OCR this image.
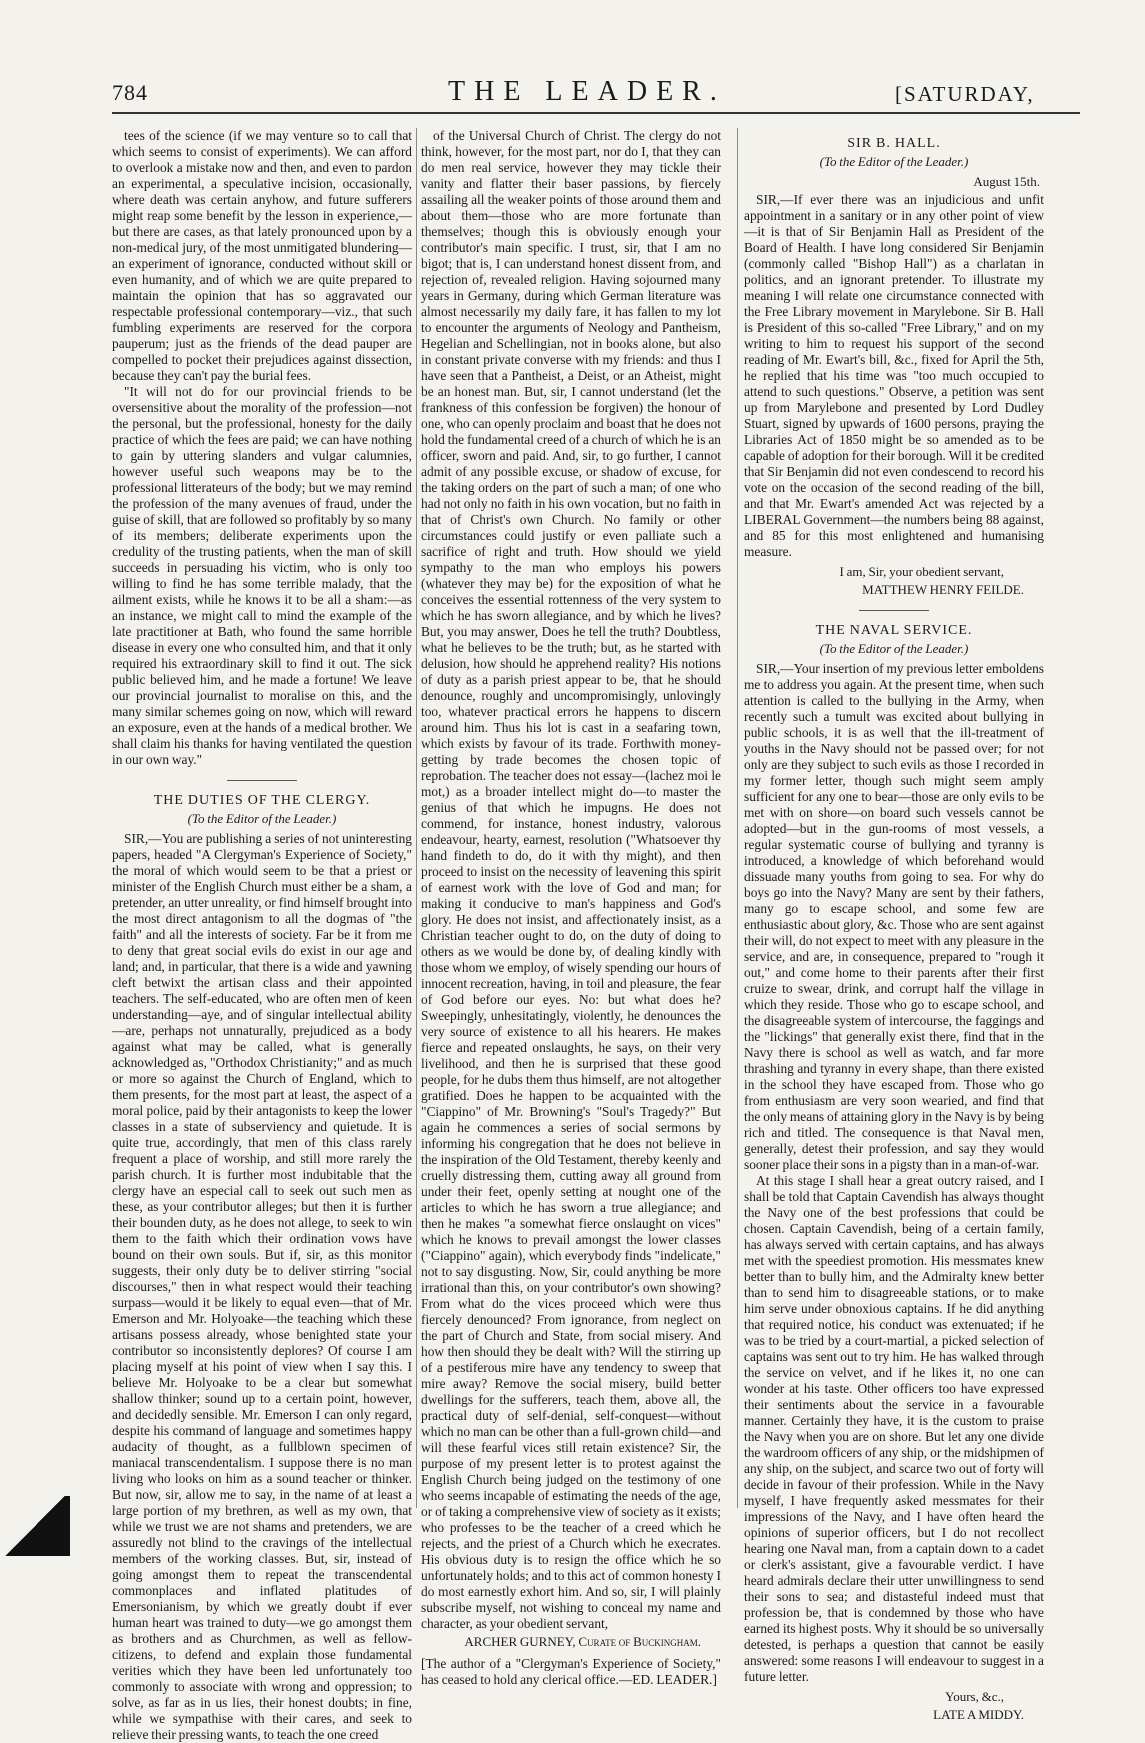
784	THE LEADER.	[SATURDAY,

tees of the science (if we may venture so to call that which seems to consist of experiments). We can afford to overlook a mistake now and then, and even to pardon an experimental, a speculative incision, occasionally, where death was certain anyhow, and future sufferers might reap some benefit by the lesson in experience,—but there are cases, as that lately pronounced upon by a non-medical jury, of the most unmitigated blundering—an experiment of ignorance, conducted without skill or even humanity, and of which we are quite prepared to maintain the opinion that has so aggravated our respectable professional contemporary—viz., that such fumbling experiments are reserved for the corpora pauperum; just as the friends of the dead pauper are compelled to pocket their prejudices against dissection, because they can't pay the burial fees.

"It will not do for our provincial friends to be oversensitive about the morality of the profession—not the personal, but the professional, honesty for the daily practice of which the fees are paid; we can have nothing to gain by uttering slanders and vulgar calumnies, however useful such weapons may be to the professional litterateurs of the body; but we may remind the profession of the many avenues of fraud, under the guise of skill, that are followed so profitably by so many of its members; deliberate experiments upon the credulity of the trusting patients, when the man of skill succeeds in persuading his victim, who is only too willing to find he has some terrible malady, that the ailment exists, while he knows it to be all a sham:—as an instance, we might call to mind the example of the late practitioner at Bath, who found the same horrible disease in every one who consulted him, and that it only required his extraordinary skill to find it out. The sick public believed him, and he made a fortune! We leave our provincial journalist to moralise on this, and the many similar schemes going on now, which will reward an exposure, even at the hands of a medical brother. We shall claim his thanks for having ventilated the question in our own way."

THE DUTIES OF THE CLERGY.
(To the Editor of the Leader.)

SIR,—You are publishing a series of not uninteresting papers, headed "A Clergyman's Experience of Society," the moral of which would seem to be that a priest or minister of the English Church must either be a sham, a pretender, an utter unreality, or find himself brought into the most direct antagonism to all the dogmas of "the faith" and all the interests of society. Far be it from me to deny that great social evils do exist in our age and land; and, in particular, that there is a wide and yawning cleft betwixt the artisan class and their appointed teachers. The self-educated, who are often men of keen understanding—aye, and of singular intellectual ability—are, perhaps not unnaturally, prejudiced as a body against what may be called, what is generally acknowledged as, "Orthodox Christianity;" and as much or more so against the Church of England, which to them presents, for the most part at least, the aspect of a moral police, paid by their antagonists to keep the lower classes in a state of subserviency and quietude. It is quite true, accordingly, that men of this class rarely frequent a place of worship, and still more rarely the parish church. It is further most indubitable that the clergy have an especial call to seek out such men as these, as your contributor alleges; but then it is further their bounden duty, as he does not allege, to seek to win them to the faith which their ordination vows have bound on their own souls. But if, sir, as this monitor suggests, their only duty be to deliver stirring "social discourses," then in what respect would their teaching surpass—would it be likely to equal even—that of Mr. Emerson and Mr. Holyoake—the teaching which these artisans possess already, whose benighted state your contributor so inconsistently deplores? Of course I am placing myself at his point of view when I say this. I believe Mr. Holyoake to be a clear but somewhat shallow thinker; sound up to a certain point, however, and decidedly sensible. Mr. Emerson I can only regard, despite his command of language and sometimes happy audacity of thought, as a fullblown specimen of maniacal transcendentalism. I suppose there is no man living who looks on him as a sound teacher or thinker. But now, sir, allow me to say, in the name of at least a large portion of my brethren, as well as my own, that while we trust we are not shams and pretenders, we are assuredly not blind to the cravings of the intellectual members of the working classes. But, sir, instead of going amongst them to repeat the transcendental commonplaces and inflated platitudes of Emersonianism, by which we greatly doubt if ever human heart was trained to duty—we go amongst them as brothers and as Churchmen, as well as fellow-citizens, to defend and explain those fundamental verities which they have been led unfortunately too commonly to associate with wrong and oppression; to solve, as far as in us lies, their honest doubts; in fine, while we sympathise with their cares, and seek to relieve their pressing wants, to teach the one creed

of the Universal Church of Christ. The clergy do not think, however, for the most part, nor do I, that they can do men real service, however they may tickle their vanity and flatter their baser passions, by fiercely assailing all the weaker points of those around them and about them—those who are more fortunate than themselves; though this is obviously enough your contributor's main specific. I trust, sir, that I am no bigot; that is, I can understand honest dissent from, and rejection of, revealed religion. Having sojourned many years in Germany, during which German literature was almost necessarily my daily fare, it has fallen to my lot to encounter the arguments of Neology and Pantheism, Hegelian and Schellingian, not in books alone, but also in constant private converse with my friends: and thus I have seen that a Pantheist, a Deist, or an Atheist, might be an honest man. But, sir, I cannot understand (let the frankness of this confession be forgiven) the honour of one, who can openly proclaim and boast that he does not hold the fundamental creed of a church of which he is an officer, sworn and paid. And, sir, to go further, I cannot admit of any possible excuse, or shadow of excuse, for the taking orders on the part of such a man; of one who had not only no faith in his own vocation, but no faith in that of Christ's own Church. No family or other circumstances could justify or even palliate such a sacrifice of right and truth. How should we yield sympathy to the man who employs his powers (whatever they may be) for the exposition of what he conceives the essential rottenness of the very system to which he has sworn allegiance, and by which he lives? But, you may answer, Does he tell the truth? Doubtless, what he believes to be the truth; but, as he started with delusion, how should he apprehend reality? His notions of duty as a parish priest appear to be, that he should denounce, roughly and uncompromisingly, unlovingly too, whatever practical errors he happens to discern around him. Thus his lot is cast in a seafaring town, which exists by favour of its trade. Forthwith money-getting by trade becomes the chosen topic of reprobation. The teacher does not essay—(lachez moi le mot,) as a broader intellect might do—to master the genius of that which he impugns. He does not commend, for instance, honest industry, valorous endeavour, hearty, earnest, resolution ("Whatsoever thy hand findeth to do, do it with thy might), and then proceed to insist on the necessity of leavening this spirit of earnest work with the love of God and man; for making it conducive to man's happiness and God's glory. He does not insist, and affectionately insist, as a Christian teacher ought to do, on the duty of doing to others as we would be done by, of dealing kindly with those whom we employ, of wisely spending our hours of innocent recreation, having, in toil and pleasure, the fear of God before our eyes. No: but what does he? Sweepingly, unhesitatingly, violently, he denounces the very source of existence to all his hearers. He makes fierce and repeated onslaughts, he says, on their very livelihood, and then he is surprised that these good people, for he dubs them thus himself, are not altogether gratified. Does he happen to be acquainted with the "Ciappino" of Mr. Browning's "Soul's Tragedy?" But again he commences a series of social sermons by informing his congregation that he does not believe in the inspiration of the Old Testament, thereby keenly and cruelly distressing them, cutting away all ground from under their feet, openly setting at nought one of the articles to which he has sworn a true allegiance; and then he makes "a somewhat fierce onslaught on vices" which he knows to prevail amongst the lower classes ("Ciappino" again), which everybody finds "indelicate," not to say disgusting. Now, Sir, could anything be more irrational than this, on your contributor's own showing? From what do the vices proceed which were thus fiercely denounced? From ignorance, from neglect on the part of Church and State, from social misery. And how then should they be dealt with? Will the stirring up of a pestiferous mire have any tendency to sweep that mire away? Remove the social misery, build better dwellings for the sufferers, teach them, above all, the practical duty of self-denial, self-conquest—without which no man can be other than a full-grown child—and will these fearful vices still retain existence? Sir, the purpose of my present letter is to protest against the English Church being judged on the testimony of one who seems incapable of estimating the needs of the age, or of taking a comprehensive view of society as it exists; who professes to be the teacher of a creed which he rejects, and the priest of a Church which he execrates. His obvious duty is to resign the office which he so unfortunately holds; and to this act of common honesty I do most earnestly exhort him. And so, sir, I will plainly subscribe myself, not wishing to conceal my name and character, as your obedient servant,

ARCHER GURNEY, Curate of Buckingham.

[The author of a "Clergyman's Experience of Society," has ceased to hold any clerical office.—ED. LEADER.]

SIR B. HALL.
(To the Editor of the Leader.)
August 15th.

SIR,—If ever there was an injudicious and unfit appointment in a sanitary or in any other point of view—it is that of Sir Benjamin Hall as President of the Board of Health. I have long considered Sir Benjamin (commonly called "Bishop Hall") as a charlatan in politics, and an ignorant pretender. To illustrate my meaning I will relate one circumstance connected with the Free Library movement in Marylebone. Sir B. Hall is President of this so-called "Free Library," and on my writing to him to request his support of the second reading of Mr. Ewart's bill, &c., fixed for April the 5th, he replied that his time was "too much occupied to attend to such questions." Observe, a petition was sent up from Marylebone and presented by Lord Dudley Stuart, signed by upwards of 1600 persons, praying the Libraries Act of 1850 might be so amended as to be capable of adoption for their borough. Will it be credited that Sir Benjamin did not even condescend to record his vote on the occasion of the second reading of the bill, and that Mr. Ewart's amended Act was rejected by a LIBERAL Government—the numbers being 88 against, and 85 for this most enlightened and humanising measure.

I am, Sir, your obedient servant,
MATTHEW HENRY FEILDE.
THE NAVAL SERVICE.
(To the Editor of the Leader.)

SIR,—Your insertion of my previous letter emboldens me to address you again. At the present time, when such attention is called to the bullying in the Army, when recently such a tumult was excited about bullying in public schools, it is as well that the ill-treatment of youths in the Navy should not be passed over; for not only are they subject to such evils as those I recorded in my former letter, though such might seem amply sufficient for any one to bear—those are only evils to be met with on shore—on board such vessels cannot be adopted—but in the gun-rooms of most vessels, a regular systematic course of bullying and tyranny is introduced, a knowledge of which beforehand would dissuade many youths from going to sea. For why do boys go into the Navy? Many are sent by their fathers, many go to escape school, and some few are enthusiastic about glory, &c. Those who are sent against their will, do not expect to meet with any pleasure in the service, and are, in consequence, prepared to "rough it out," and come home to their parents after their first cruize to swear, drink, and corrupt half the village in which they reside. Those who go to escape school, and the disagreeable system of intercourse, the faggings and the "lickings" that generally exist there, find that in the Navy there is school as well as watch, and far more thrashing and tyranny in every shape, than there existed in the school they have escaped from. Those who go from enthusiasm are very soon wearied, and find that the only means of attaining glory in the Navy is by being rich and titled. The consequence is that Naval men, generally, detest their profession, and say they would sooner place their sons in a pigsty than in a man-of-war.

At this stage I shall hear a great outcry raised, and I shall be told that Captain Cavendish has always thought the Navy one of the best professions that could be chosen. Captain Cavendish, being of a certain family, has always served with certain captains, and has always met with the speediest promotion. His messmates knew better than to bully him, and the Admiralty knew better than to send him to disagreeable stations, or to make him serve under obnoxious captains. If he did anything that required notice, his conduct was extenuated; if he was to be tried by a court-martial, a picked selection of captains was sent out to try him. He has walked through the service on velvet, and if he likes it, no one can wonder at his taste. Other officers too have expressed their sentiments about the service in a favourable manner. Certainly they have, it is the custom to praise the Navy when you are on shore. But let any one divide the wardroom officers of any ship, or the midshipmen of any ship, on the subject, and scarce two out of forty will decide in favour of their profession. While in the Navy myself, I have frequently asked messmates for their impressions of the Navy, and I have often heard the opinions of superior officers, but I do not recollect hearing one Naval man, from a captain down to a cadet or clerk's assistant, give a favourable verdict. I have heard admirals declare their utter unwillingness to send their sons to sea; and distasteful indeed must that profession be, that is condemned by those who have earned its highest posts. Why it should be so universally detested, is perhaps a question that cannot be easily answered: some reasons I will endeavour to suggest in a future letter.

Yours, &c.,
LATE A MIDDY.
